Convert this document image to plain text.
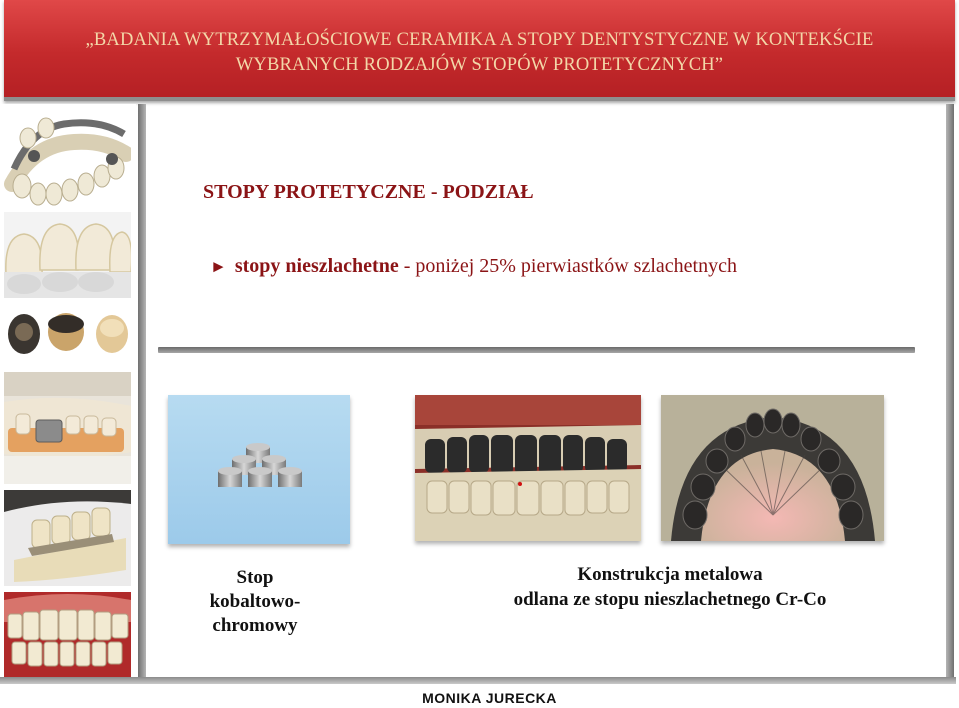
„BADANIA WYTRZYMAŁOŚCIOWE CERAMIKA A STOPY DENTYSTYCZNE W KONTEKŚCIE
WYBRANYCH RODZAJÓW STOPÓW PROTETYCZNYCH”
STOPY PROTETYCZNE - PODZIAŁ
► stopy nieszlachetne - poniżej 25% pierwiastków szlachetnych
Stop
kobaltowo-
chromowy
Konstrukcja metalowa
odlana ze stopu nieszlachetnego Cr-Co
MONIKA JURECKA
